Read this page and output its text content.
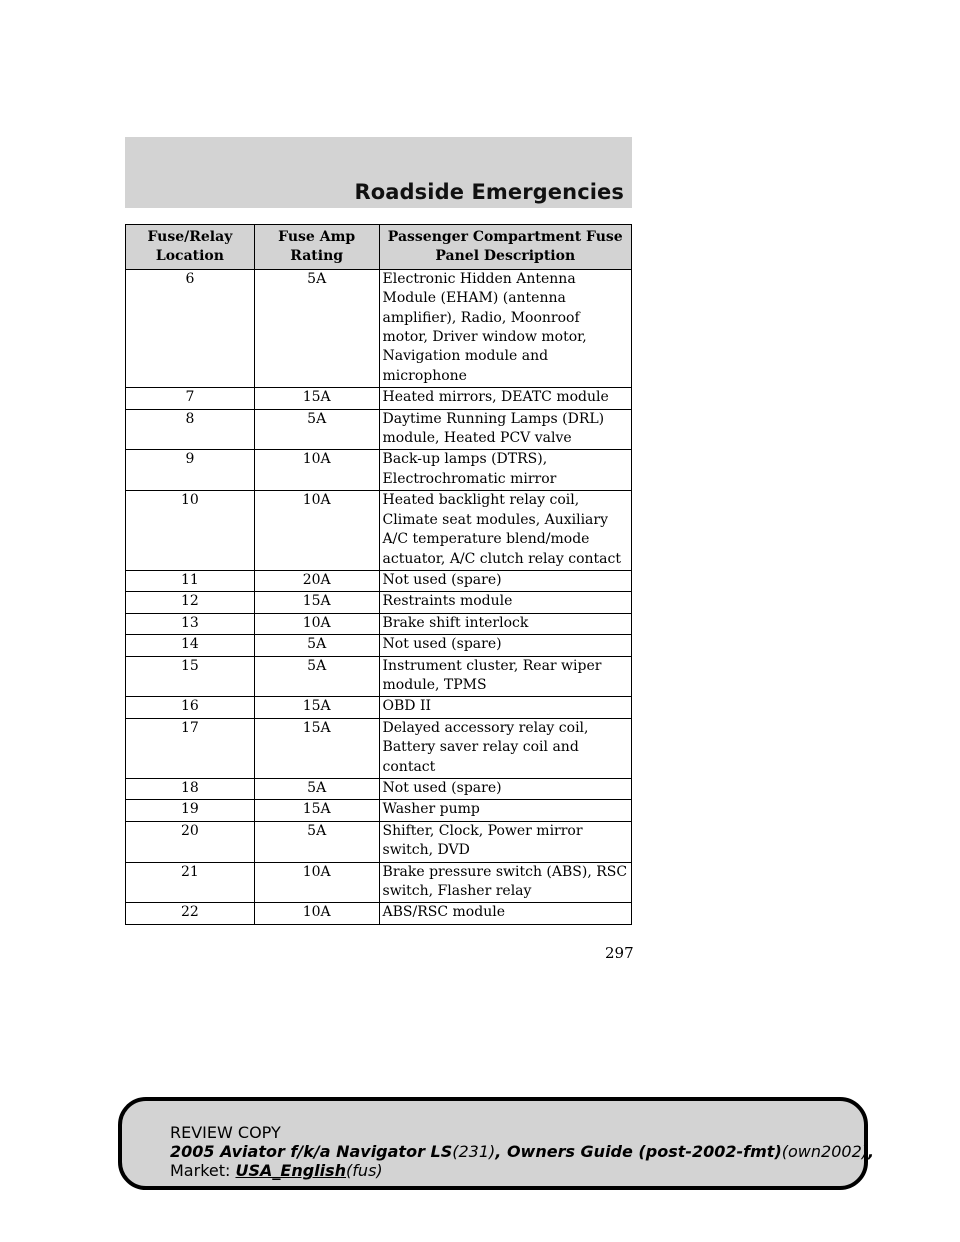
Roadside Emergencies
Fuse/Relay Location	Fuse Amp Rating	Passenger Compartment Fuse Panel Description
6	5A	Electronic Hidden Antenna Module (EHAM) (antenna amplifier), Radio, Moonroof motor, Driver window motor, Navigation module and microphone
7	15A	Heated mirrors, DEATC module
8	5A	Daytime Running Lamps (DRL) module, Heated PCV valve
9	10A	Back-up lamps (DTRS), Electrochromatic mirror
10	10A	Heated backlight relay coil, Climate seat modules, Auxiliary A/C temperature blend/mode actuator, A/C clutch relay contact
11	20A	Not used (spare)
12	15A	Restraints module
13	10A	Brake shift interlock
14	5A	Not used (spare)
15	5A	Instrument cluster, Rear wiper module, TPMS
16	15A	OBD II
17	15A	Delayed accessory relay coil, Battery saver relay coil and contact
18	5A	Not used (spare)
19	15A	Washer pump
20	5A	Shifter, Clock, Power mirror switch, DVD
21	10A	Brake pressure switch (ABS), RSC switch, Flasher relay
22	10A	ABS/RSC module
297
REVIEW COPY
2005 Aviator f/k/a Navigator LS(231), Owners Guide (post-2002-fmt)(own2002),
Market: USA_English(fus)
